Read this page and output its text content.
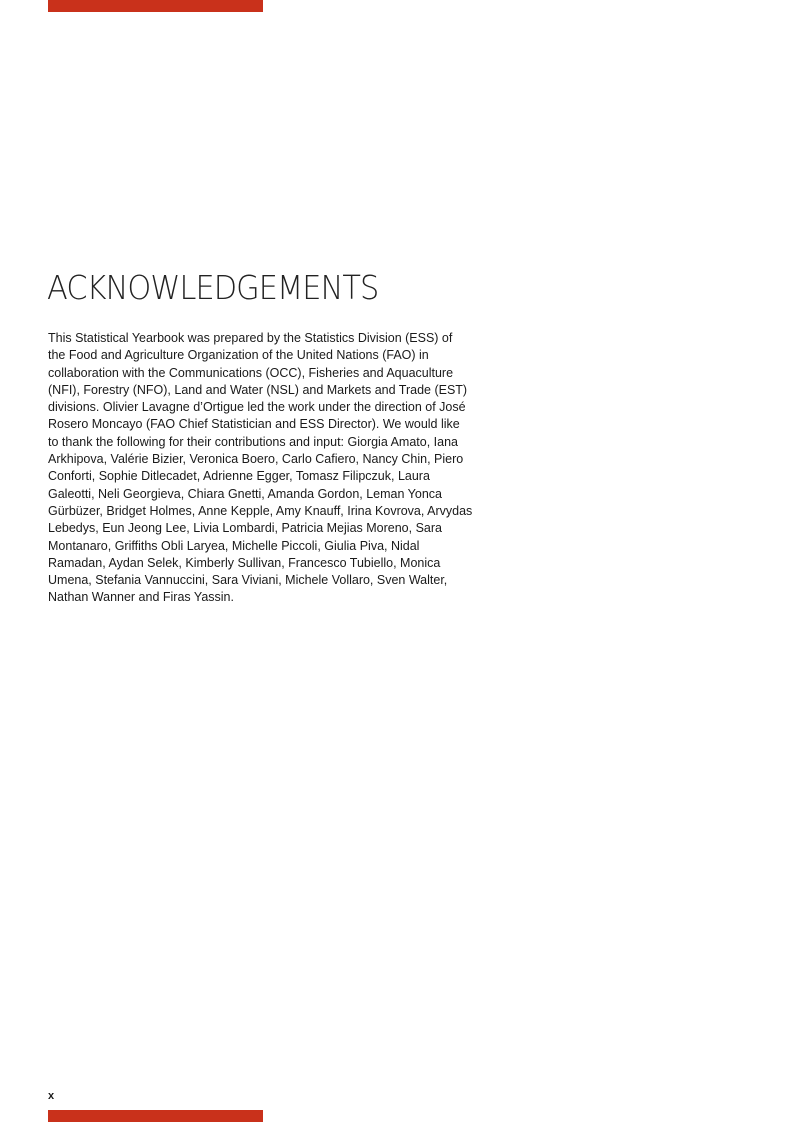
ACKNOWLEDGEMENTS

This Statistical Yearbook was prepared by the Statistics Division (ESS) of the Food and Agriculture Organization of the United Nations (FAO) in collaboration with the Communications (OCC), Fisheries and Aquaculture (NFI), Forestry (NFO), Land and Water (NSL) and Markets and Trade (EST) divisions. Olivier Lavagne d’Ortigue led the work under the direction of José Rosero Moncayo (FAO Chief Statistician and ESS Director). We would like to thank the following for their contributions and input: Giorgia Amato, Iana Arkhipova, Valérie Bizier, Veronica Boero, Carlo Cafiero, Nancy Chin, Piero Conforti, Sophie Ditlecadet, Adrienne Egger, Tomasz Filipczuk, Laura Galeotti, Neli Georgieva, Chiara Gnetti, Amanda Gordon, Leman Yonca Gürbüzer, Bridget Holmes, Anne Kepple, Amy Knauff, Irina Kovrova, Arvydas Lebedys, Eun Jeong Lee, Livia Lombardi, Patricia Mejias Moreno, Sara Montanaro, Griffiths Obli Laryea, Michelle Piccoli, Giulia Piva, Nidal Ramadan, Aydan Selek, Kimberly Sullivan, Francesco Tubiello, Monica Umena, Stefania Vannuccini, Sara Viviani, Michele Vollaro, Sven Walter, Nathan Wanner and Firas Yassin.

x
